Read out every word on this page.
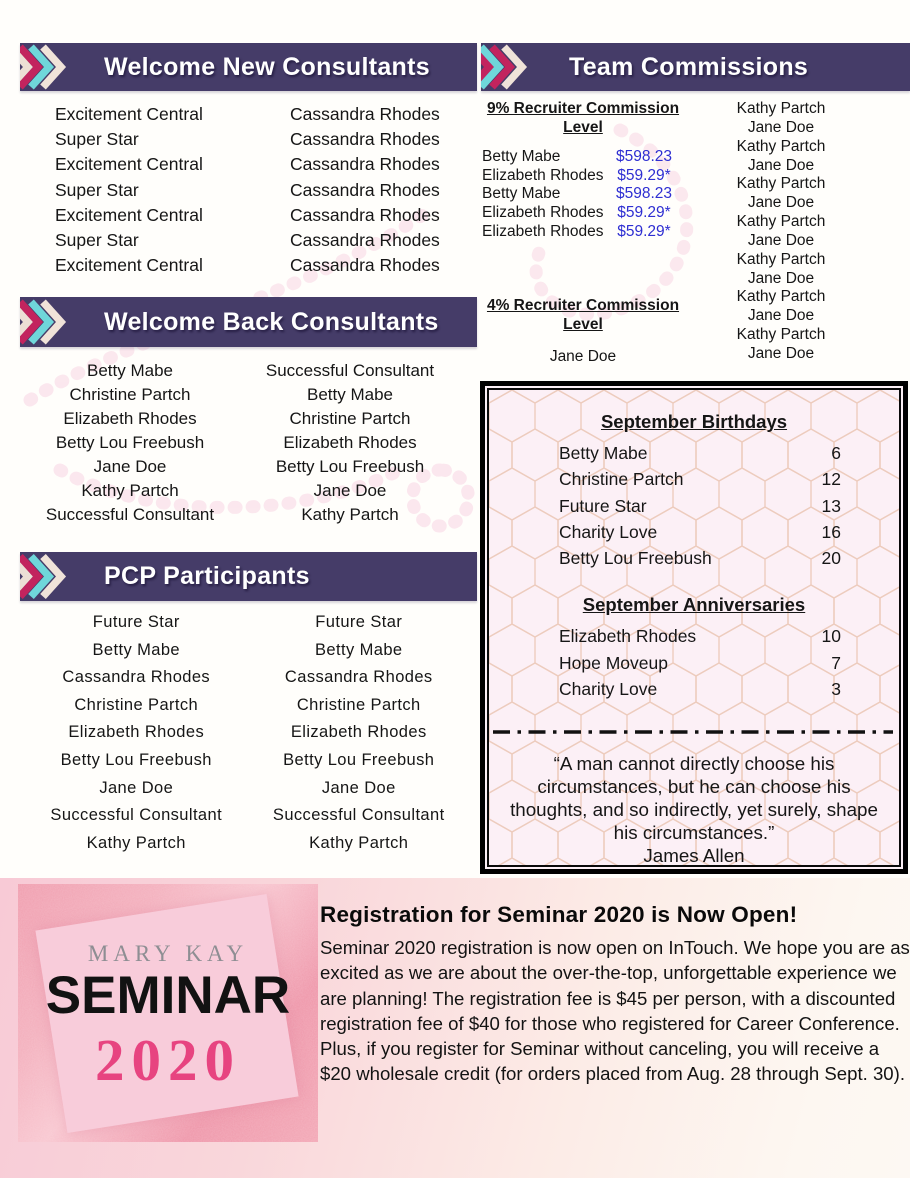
Welcome New Consultants	Team Commissions
Welcome Back Consultants
PCP Participants
Excitement Central	Cassandra Rhodes
Super Star	Cassandra Rhodes
Excitement Central	Cassandra Rhodes
Super Star	Cassandra Rhodes
Excitement Central	Cassandra Rhodes
Super Star	Cassandra Rhodes
Excitement Central	Cassandra Rhodes
Betty Mabe	Successful Consultant
Christine Partch	Betty Mabe
Elizabeth Rhodes	Christine Partch
Betty Lou Freebush	Elizabeth Rhodes
Jane Doe	Betty Lou Freebush
Kathy Partch	Jane Doe
Successful Consultant	Kathy Partch
Future Star	Future Star
Betty Mabe	Betty Mabe
Cassandra Rhodes	Cassandra Rhodes
Christine Partch	Christine Partch
Elizabeth Rhodes	Elizabeth Rhodes
Betty Lou Freebush	Betty Lou Freebush
Jane Doe	Jane Doe
Successful Consultant	Successful Consultant
Kathy Partch	Kathy Partch
9% Recruiter Commission
Level
Betty Mabe	$598.23
Elizabeth Rhodes $59.29*
Betty Mabe	$598.23
Elizabeth Rhodes $59.29*
Elizabeth Rhodes $59.29*
4% Recruiter Commission
Level
Jane Doe
Kathy Partch
Jane Doe
Kathy Partch
Jane Doe
Kathy Partch
Jane Doe
Kathy Partch
Jane Doe
Kathy Partch
Jane Doe
Kathy Partch
Jane Doe
Kathy Partch
Jane Doe
September Birthdays
Betty Mabe	6
Christine Partch	12
Future Star	13
Charity Love	16
Betty Lou Freebush	20
September Anniversaries
Elizabeth Rhodes	10
Hope Moveup	7
Charity Love	3
“A man cannot directly choose his circumstances, but he can choose his thoughts, and so indirectly, yet surely, shape his circumstances.”
James Allen
MARY KAY
SEMINAR
2020
Registration for Seminar 2020 is Now Open!
Seminar 2020 registration is now open on InTouch. We hope you are as excited as we are about the over-the-top, unforgettable experience we are planning! The registration fee is $45 per person, with a discounted registration fee of $40 for those who registered for Career Conference. Plus, if you register for Seminar without canceling, you will receive a $20 wholesale credit (for orders placed from Aug. 28 through Sept. 30).
